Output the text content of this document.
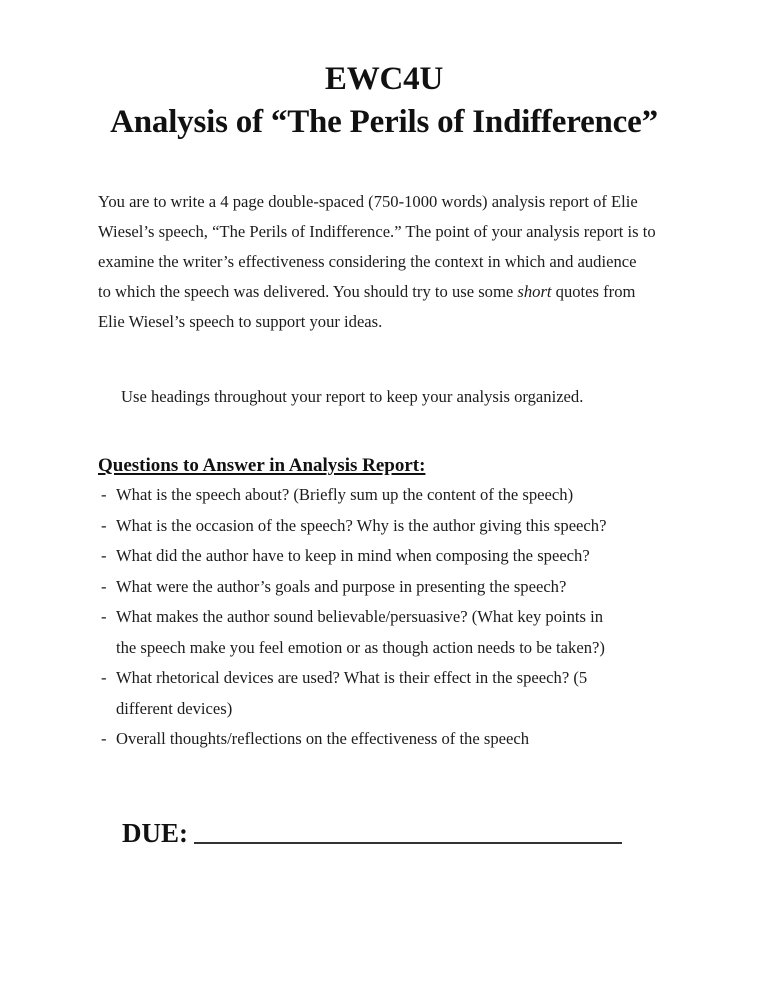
EWC4U
Analysis of “The Perils of Indifference”
You are to write a 4 page double-spaced (750-1000 words) analysis report of Elie
Wiesel’s speech, “The Perils of Indifference.” The point of your analysis report is to
examine the writer’s effectiveness considering the context in which and audience
to which the speech was delivered. You should try to use some short quotes from
Elie Wiesel’s speech to support your ideas.
Use headings throughout your report to keep your analysis organized.
Questions to Answer in Analysis Report:
- What is the speech about? (Briefly sum up the content of the speech)
- What is the occasion of the speech? Why is the author giving this speech?
- What did the author have to keep in mind when composing the speech?
- What were the author’s goals and purpose in presenting the speech?
- What makes the author sound believable/persuasive? (What key points in
the speech make you feel emotion or as though action needs to be taken?)
- What rhetorical devices are used? What is their effect in the speech? (5
different devices)
- Overall thoughts/reflections on the effectiveness of the speech
DUE:
